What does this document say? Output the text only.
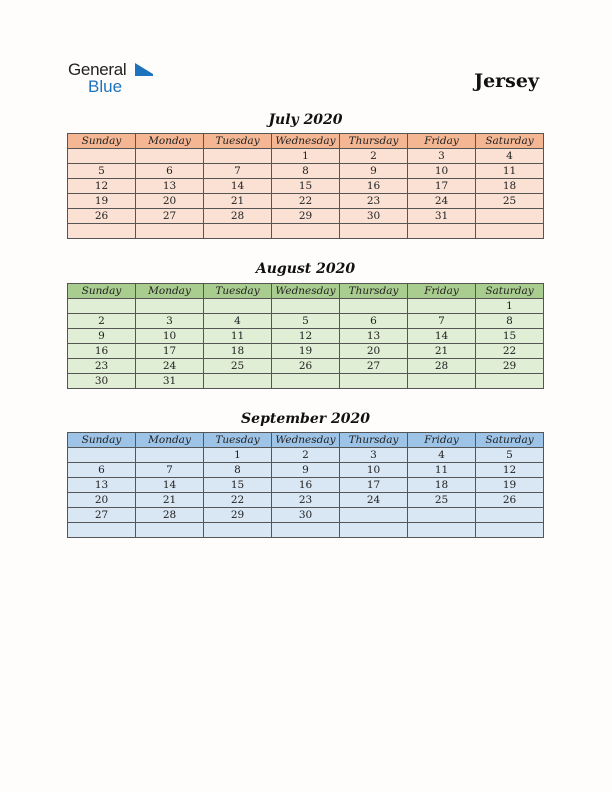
General
Blue	Jersey
July 2020
Sunday	Monday	Tuesday	Wednesday	Thursday	Friday	Saturday
			1	2	3	4
5	6	7	8	9	10	11
12	13	14	15	16	17	18
19	20	21	22	23	24	25
26	27	28	29	30	31	

August 2020
Sunday	Monday	Tuesday	Wednesday	Thursday	Friday	Saturday
						1
2	3	4	5	6	7	8
9	10	11	12	13	14	15
16	17	18	19	20	21	22
23	24	25	26	27	28	29
30	31					
September 2020
Sunday	Monday	Tuesday	Wednesday	Thursday	Friday	Saturday
		1	2	3	4	5
6	7	8	9	10	11	12
13	14	15	16	17	18	19
20	21	22	23	24	25	26
27	28	29	30			
